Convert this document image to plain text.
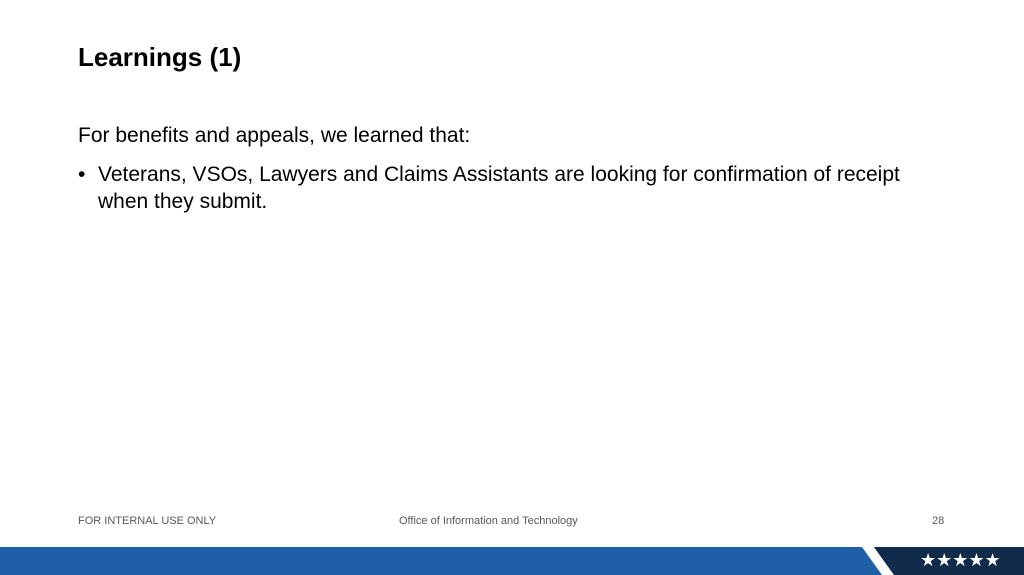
Learnings (1)

For benefits and appeals, we learned that:

• Veterans, VSOs, Lawyers and Claims Assistants are looking for confirmation of receipt when they submit.
FOR INTERNAL USE ONLY	Office of Information and Technology	28
★★★★★
